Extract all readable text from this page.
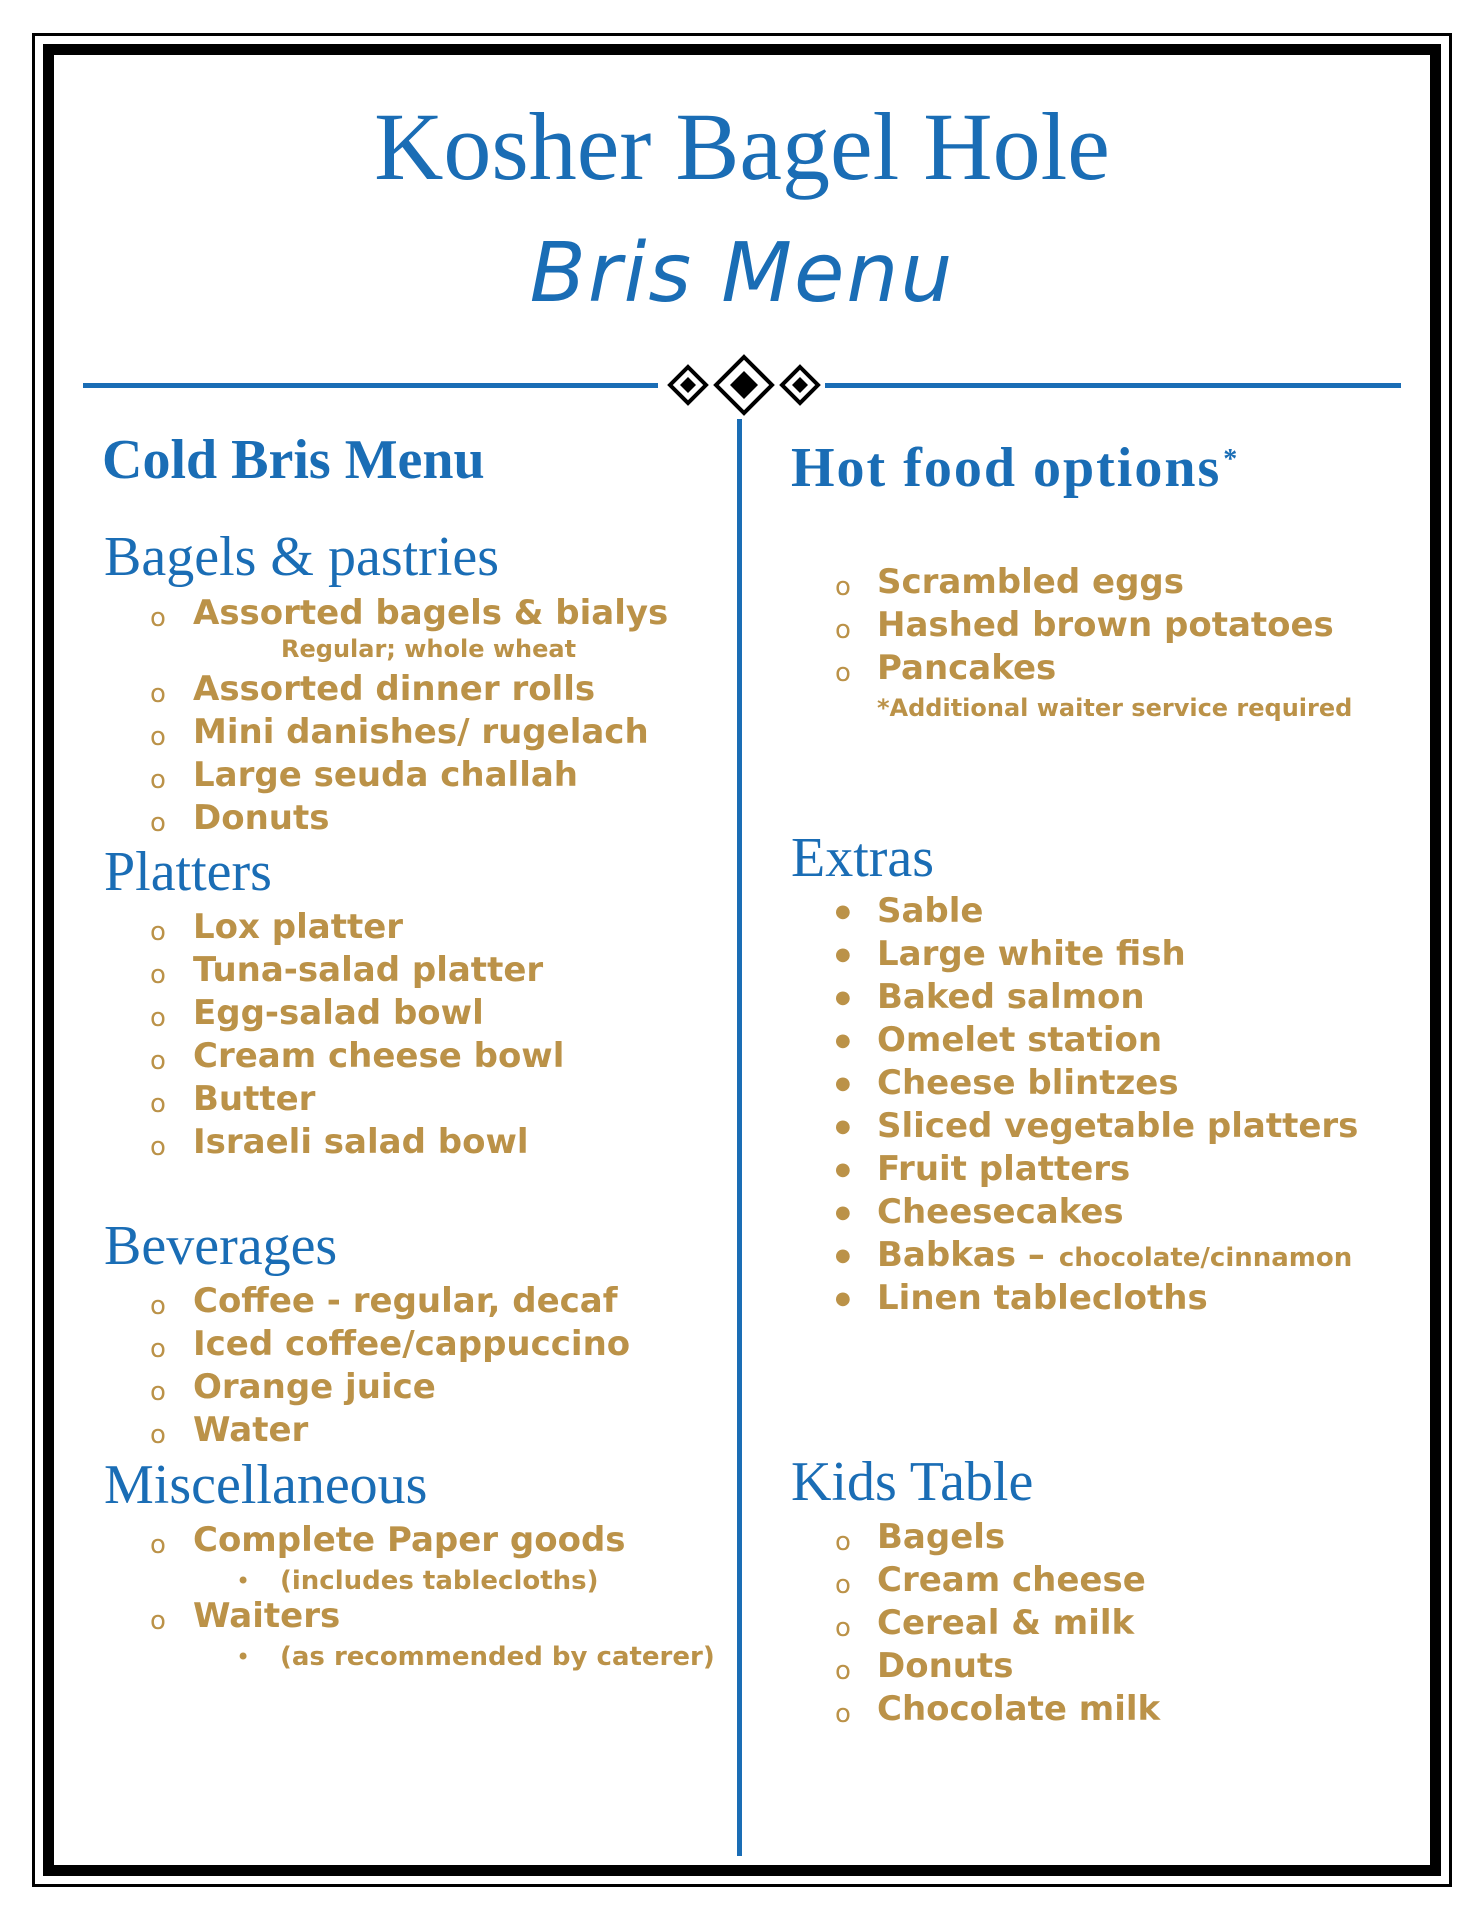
Kosher Bagel Hole
Bris Menu
Cold Bris Menu
Bagels & pastries
o Assorted bagels & bialys
Regular; whole wheat
o Assorted dinner rolls
o Mini danishes/ rugelach
o Large seuda challah
o Donuts
Platters
o Lox platter
o Tuna-salad platter
o Egg-salad bowl
o Cream cheese bowl
o Butter
o Israeli salad bowl
Beverages
o Coffee - regular, decaf
o Iced coffee/cappuccino
o Orange juice
o Water
Miscellaneous
o Complete Paper goods
• (includes tablecloths)
o Waiters
• (as recommended by caterer)
Hot food options*
o Scrambled eggs
o Hashed brown potatoes
o Pancakes
*Additional waiter service required
Extras
● Sable
● Large white fish
● Baked salmon
● Omelet station
● Cheese blintzes
● Sliced vegetable platters
● Fruit platters
● Cheesecakes
● Babkas – chocolate/cinnamon
● Linen tablecloths
Kids Table
o Bagels
o Cream cheese
o Cereal & milk
o Donuts
o Chocolate milk
